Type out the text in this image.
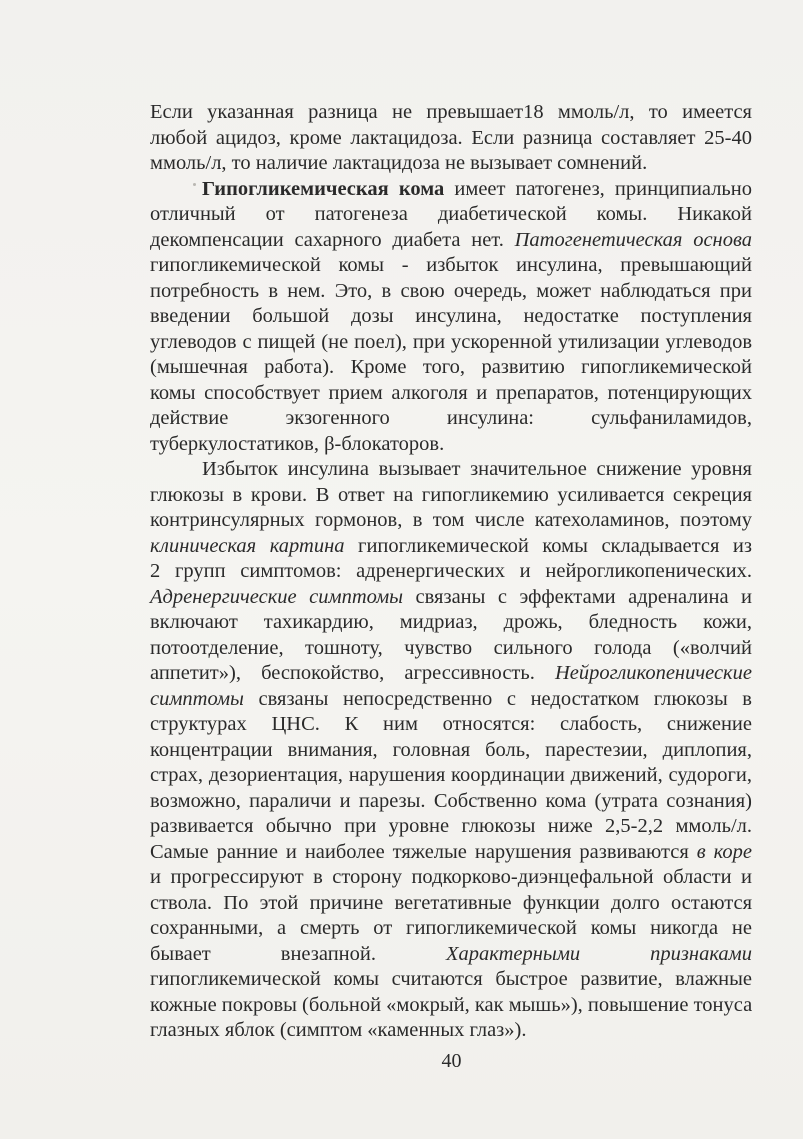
Если указанная разница не превышает18 ммоль/л, то имеется
любой ацидоз, кроме лактацидоза. Если разница составляет 25-40
ммоль/л, то наличие лактацидоза не вызывает сомнений.

Гипогликемическая кома имеет патогенез, принципиально
отличный от патогенеза диабетической комы. Никакой
декомпенсации сахарного диабета нет. Патогенетическая основа
гипогликемической комы - избыток инсулина, превышающий
потребность в нем. Это, в свою очередь, может наблюдаться при
введении большой дозы инсулина, недостатке поступления
углеводов с пищей (не поел), при ускоренной утилизации углеводов
(мышечная работа). Кроме того, развитию гипогликемической
комы способствует прием алкоголя и препаратов, потенцирующих
действие экзогенного инсулина: сульфаниламидов,
туберкулостатиков, β-блокаторов.

Избыток инсулина вызывает значительное снижение уровня
глюкозы в крови. В ответ на гипогликемию усиливается секреция
контринсулярных гормонов, в том числе катехоламинов, поэтому
клиническая картина гипогликемической комы складывается из
2 групп симптомов: адренергических и нейрогликопенических.
Адренергические симптомы связаны с эффектами адреналина и
включают тахикардию, мидриаз, дрожь, бледность кожи,
потоотделение, тошноту, чувство сильного голода («волчий
аппетит»), беспокойство, агрессивность. Нейрогликопенические
симптомы связаны непосредственно с недостатком глюкозы в
структурах ЦНС. К ним относятся: слабость, снижение
концентрации внимания, головная боль, парестезии, диплопия,
страх, дезориентация, нарушения координации движений, судороги,
возможно, параличи и парезы. Собственно кома (утрата сознания)
развивается обычно при уровне глюкозы ниже 2,5-2,2 ммоль/л.
Самые ранние и наиболее тяжелые нарушения развиваются в коре
и прогрессируют в сторону подкорково-диэнцефальной области и
ствола. По этой причине вегетативные функции долго остаются
сохранными, а смерть от гипогликемической комы никогда не
бывает внезапной. Характерными признаками
гипогликемической комы считаются быстрое развитие, влажные
кожные покровы (больной «мокрый, как мышь»), повышение тонуса
глазных яблок (симптом «каменных глаз»).

40
